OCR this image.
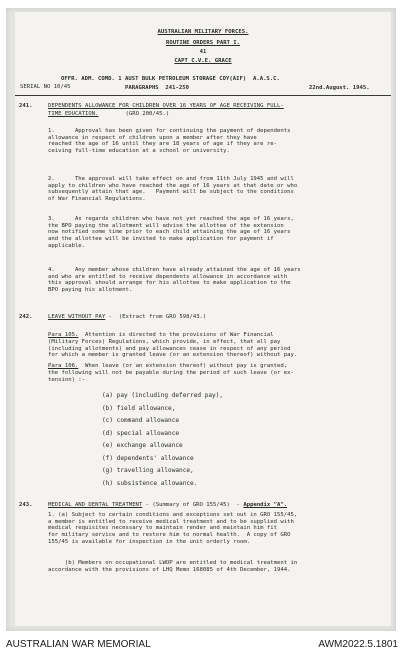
AUSTRALIAN MILITARY FORCES.
ROUTINE ORDERS PART I.
41
CAPT C.V.E. GRACE
SERIAL NO 10/45
OFFR. ADM. COMD. 1 AUST BULK PETROLEUM STORAGE COY(AIF)  A.A.S.C.
PARAGRAPHS  241-250	22nd.August. 1945.
241.	DEPENDENTS ALLOWANCE FOR CHILDREN OVER 16 YEARS OF AGE RECEIVING FULL-
TIME EDUCATION.	(GRO 200/45.)
1.      Approval has been given for continuing the payment of dependents
allowance in respect of children upon a member after they have
reached the age of 16 until they are 18 years of age if they are re-
ceiving full-time education at a school or university.
2.      The approval will take effect on and from 11th July 1945 and will
apply to children who have reached the age of 16 years at that date or who
subsequently attain that age.   Payment will be subject to the conditions
of War Financial Regulations.
3.      As regards children who have not yet reached the age of 16 years,
the BPO paying the allotment will advise the allottee of the extension
now notified some time prior to each child attaining the age of 16 years
and the allottee will be invited to make application for payment if
applicable.
4.      Any member whose children have already attained the age of 16 years
and who are entitled to receive dependents allowance in accordance with
this approval should arrange for his allottee to make application to the
BPO paying his allotment.
242.	LEAVE WITHOUT PAY -  (Extract from GRO 598/43.)
Para 105.  Attention is directed to the provisions of War Financial
(Military Forces) Regulations, which provide, in effect, that all pay
(including allotments) and pay allowances cease in respect of any period
for which a member is granted leave (or an extension thereof) without pay.
Para 106.  When leave (or an extension thereof) without pay is granted,
the following will not be payable during the period of such leave (or ex-
tension) :-
(a) pay (including deferred pay),
(b) field allowance,
(c) command allowance
(d) special allowance
(e) exchange allowance
(f) dependents' allowance
(g) travelling allowance,
(h) subsistence allowance.
243.	MEDICAL AND DENTAL TREATMENT - (Summary of GRO 155/45)  - Appendix "A".
1. (a) Subject to certain conditions and exceptions set out in GRO 155/45,
a member is entitled to receive medical treatment and to be supplied with
medical requisites necessary to maintain render and maintain him fit
for military service and to restore him to normal health.  A copy of GRO
155/45 is available for inspection in the unit orderly room.
(b) Members on occupational LWOP are entitled to medical treatment in
accordance with the provisions of LHQ Memo 168085 of 4th December, 1944.
AUSTRALIAN WAR MEMORIAL	AWM2022.5.1801
